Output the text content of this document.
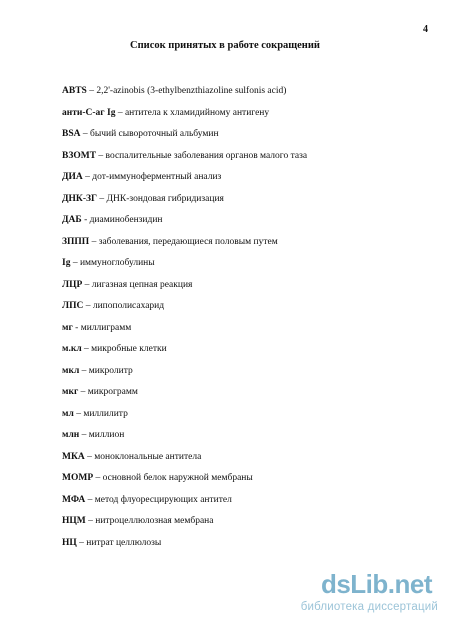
4
Список принятых в работе сокращений
ABTS – 2,2'-azinobis (3-ethylbenzthiazoline sulfonis acid)
анти-С-аг Ig – антитела к хламидийному антигену
BSA – бычий сывороточный альбумин
ВЗОМТ – воспалительные заболевания органов малого таза
ДИА – дот-иммуноферментный анализ
ДНК-ЗГ – ДНК-зондовая гибридизация
ДАБ - диаминобензидин
ЗППП – заболевания, передающиеся половым путем
Ig – иммуноглобулины
ЛЦР – лигазная цепная реакция
ЛПС – липополисахарид
мг - миллиграмм
м.кл – микробные клетки
мкл – микролитр
мкг – микрограмм
мл – миллилитр
млн – миллион
МКА – моноклональные антитела
MOMP – основной белок наружной мембраны
МФА – метод флуоресцирующих антител
НЦМ – нитроцеллюлозная мембрана
НЦ – нитрат целлюлозы
dsLib.net
библиотека диссертаций
